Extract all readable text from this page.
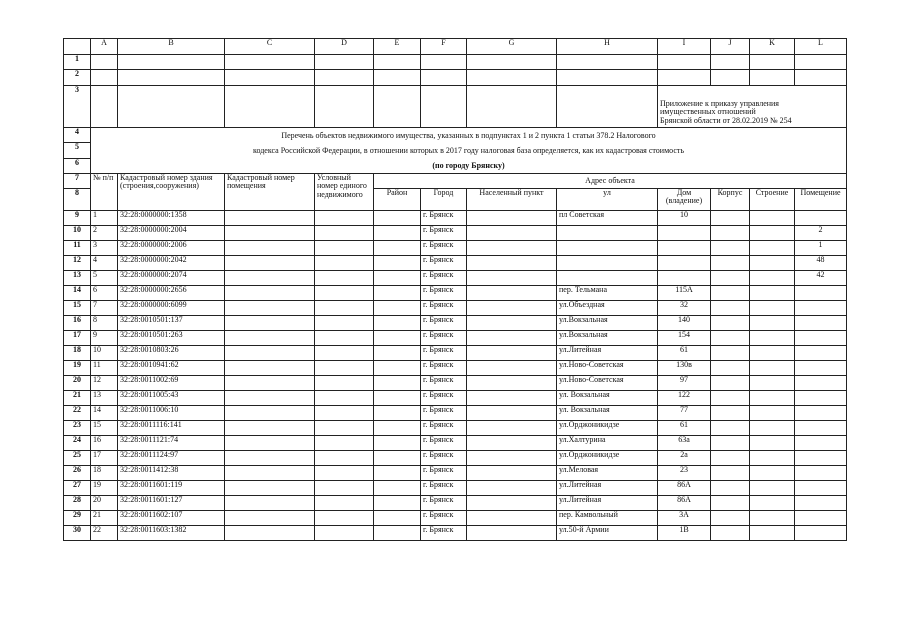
	A	B	C	D	E	F	G	H	I	J	K	L
1												
2												
3									Приложение к приказу управления
имущественных отношений
Брянской области от 28.02.2019 № 254			

4	Перечень объектов недвижимого имущества, указанных в подпунктах 1 и 2 пункта 1 статьи 378.2 Налогового
кодекса Российской Федерации, в отношении которых в 2017 году налоговая база определяется, как их кадастровая стоимость
(по городу Брянску)											

5												
6												
7	№ п/п	Кадастровый номер здания (строения,сооружения)	Кадастровый номер помещения	Условный номер единого недвижимого	Адрес объекта							
8					Район	Город	Населенный пункт	ул	Дом (владение)	Корпус	Строение	Помещение
9	1	32:28:0000000:1358				г. Брянск		пл Советская	10			
10	2	32:28:0000000:2004				г. Брянск						2
11	3	32:28:0000000:2006				г. Брянск						1
12	4	32:28:0000000:2042				г. Брянск						48
13	5	32:28:0000000:2074				г. Брянск						42
14	6	32:28:0000000:2656				г. Брянск		пер. Тельмана	115А			
15	7	32:28:0000000:6099				г. Брянск		ул.Объездная	32			
16	8	32:28:0010501:137				г. Брянск		ул.Вокзальная	140			
17	9	32:28:0010501:263				г. Брянск		ул.Вокзальная	154			
18	10	32:28:0010803:26				г. Брянск		ул.Литейная	61			
19	11	32:28:0010941:62				г. Брянск		ул.Ново-Советская	130в			
20	12	32:28:0011002:69				г. Брянск		ул.Ново-Советская	97			
21	13	32:28:0011005:43				г. Брянск		ул. Вокзальная	122			
22	14	32:28:0011006:10				г. Брянск		ул. Вокзальная	77			
23	15	32:28:0011116:141				г. Брянск		ул.Орджоникидзе	61			
24	16	32:28:0011121:74				г. Брянск		ул.Халтурина	63а			
25	17	32:28:0011124:97				г. Брянск		ул.Орджоникидзе	2а			
26	18	32:28:0011412:38				г. Брянск		ул.Меловая	23			
27	19	32:28:0011601:119				г. Брянск		ул.Литейная	86А			
28	20	32:28:0011601:127				г. Брянск		ул.Литейная	86А			
29	21	32:28:0011602:107				г. Брянск		пер. Камвольный	3А			
30	22	32:28:0011603:1382				г. Брянск		ул.50-й Армии	1В			
